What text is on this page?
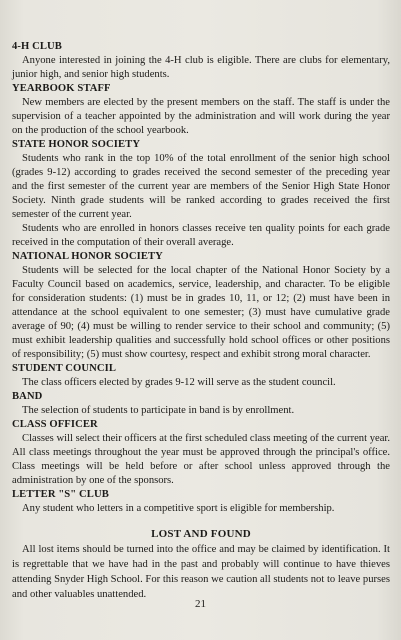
4-H CLUB

Anyone interested in joining the 4-H club is eligible. There are clubs for elementary, junior high, and senior high students.

YEARBOOK STAFF

New members are elected by the present members on the staff. The staff is under the supervision of a teacher appointed by the administration and will work during the year on the production of the school yearbook.

STATE HONOR SOCIETY

Students who rank in the top 10% of the total enrollment of the senior high school (grades 9-12) according to grades received the second semester of the preceding year and the first semester of the current year are members of the Senior High State Honor Society. Ninth grade students will be ranked according to grades received the first semester of the current year.

Students who are enrolled in honors classes receive ten quality points for each grade received in the computation of their overall average.

NATIONAL HONOR SOCIETY

Students will be selected for the local chapter of the National Honor Society by a Faculty Council based on academics, service, leadership, and character. To be eligible for consideration students: (1) must be in grades 10, 11, or 12; (2) must have been in attendance at the school equivalent to one semester; (3) must have cumulative grade average of 90; (4) must be willing to render service to their school and community; (5) must exhibit leadership qualities and successfully hold school offices or other positions of responsibility; (5) must show courtesy, respect and exhibit strong moral character.

STUDENT COUNCIL

The class officers elected by grades 9-12 will serve as the student council.

BAND

The selection of students to participate in band is by enrollment.

CLASS OFFICER

Classes will select their officers at the first scheduled class meeting of the current year. All class meetings throughout the year must be approved through the principal's office. Class meetings will be held before or after school unless approved through the administration by one of the sponsors.

LETTER "S" CLUB

Any student who letters in a competitive sport is eligible for membership.

LOST AND FOUND

All lost items should be turned into the office and may be claimed by identification. It is regrettable that we have had in the past and probably will continue to have thieves attending Snyder High School. For this reason we caution all students not to leave purses and other valuables unattended.

21
